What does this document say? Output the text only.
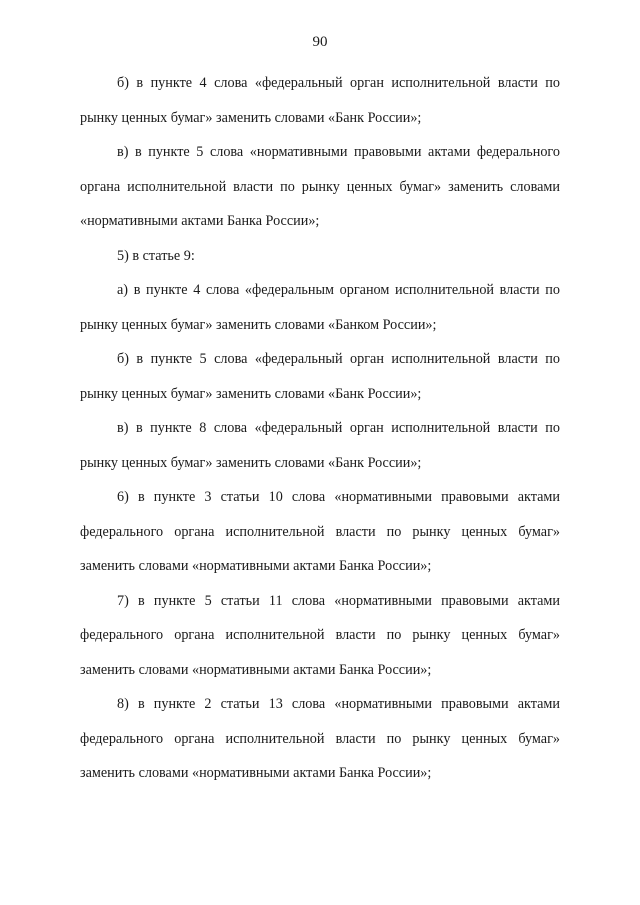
90

б) в пункте 4 слова «федеральный орган исполнительной власти по рынку ценных бумаг» заменить словами «Банк России»;

в) в пункте 5 слова «нормативными правовыми актами федерального органа исполнительной власти по рынку ценных бумаг» заменить словами «нормативными актами Банка России»;

5) в статье 9:

а) в пункте 4 слова «федеральным органом исполнительной власти по рынку ценных бумаг» заменить словами «Банком России»;

б) в пункте 5 слова «федеральный орган исполнительной власти по рынку ценных бумаг» заменить словами «Банк России»;

в) в пункте 8 слова «федеральный орган исполнительной власти по рынку ценных бумаг» заменить словами «Банк России»;

6) в пункте 3 статьи 10 слова «нормативными правовыми актами федерального органа исполнительной власти по рынку ценных бумаг» заменить словами «нормативными актами Банка России»;

7) в пункте 5 статьи 11 слова «нормативными правовыми актами федерального органа исполнительной власти по рынку ценных бумаг» заменить словами «нормативными актами Банка России»;

8) в пункте 2 статьи 13 слова «нормативными правовыми актами федерального органа исполнительной власти по рынку ценных бумаг» заменить словами «нормативными актами Банка России»;
